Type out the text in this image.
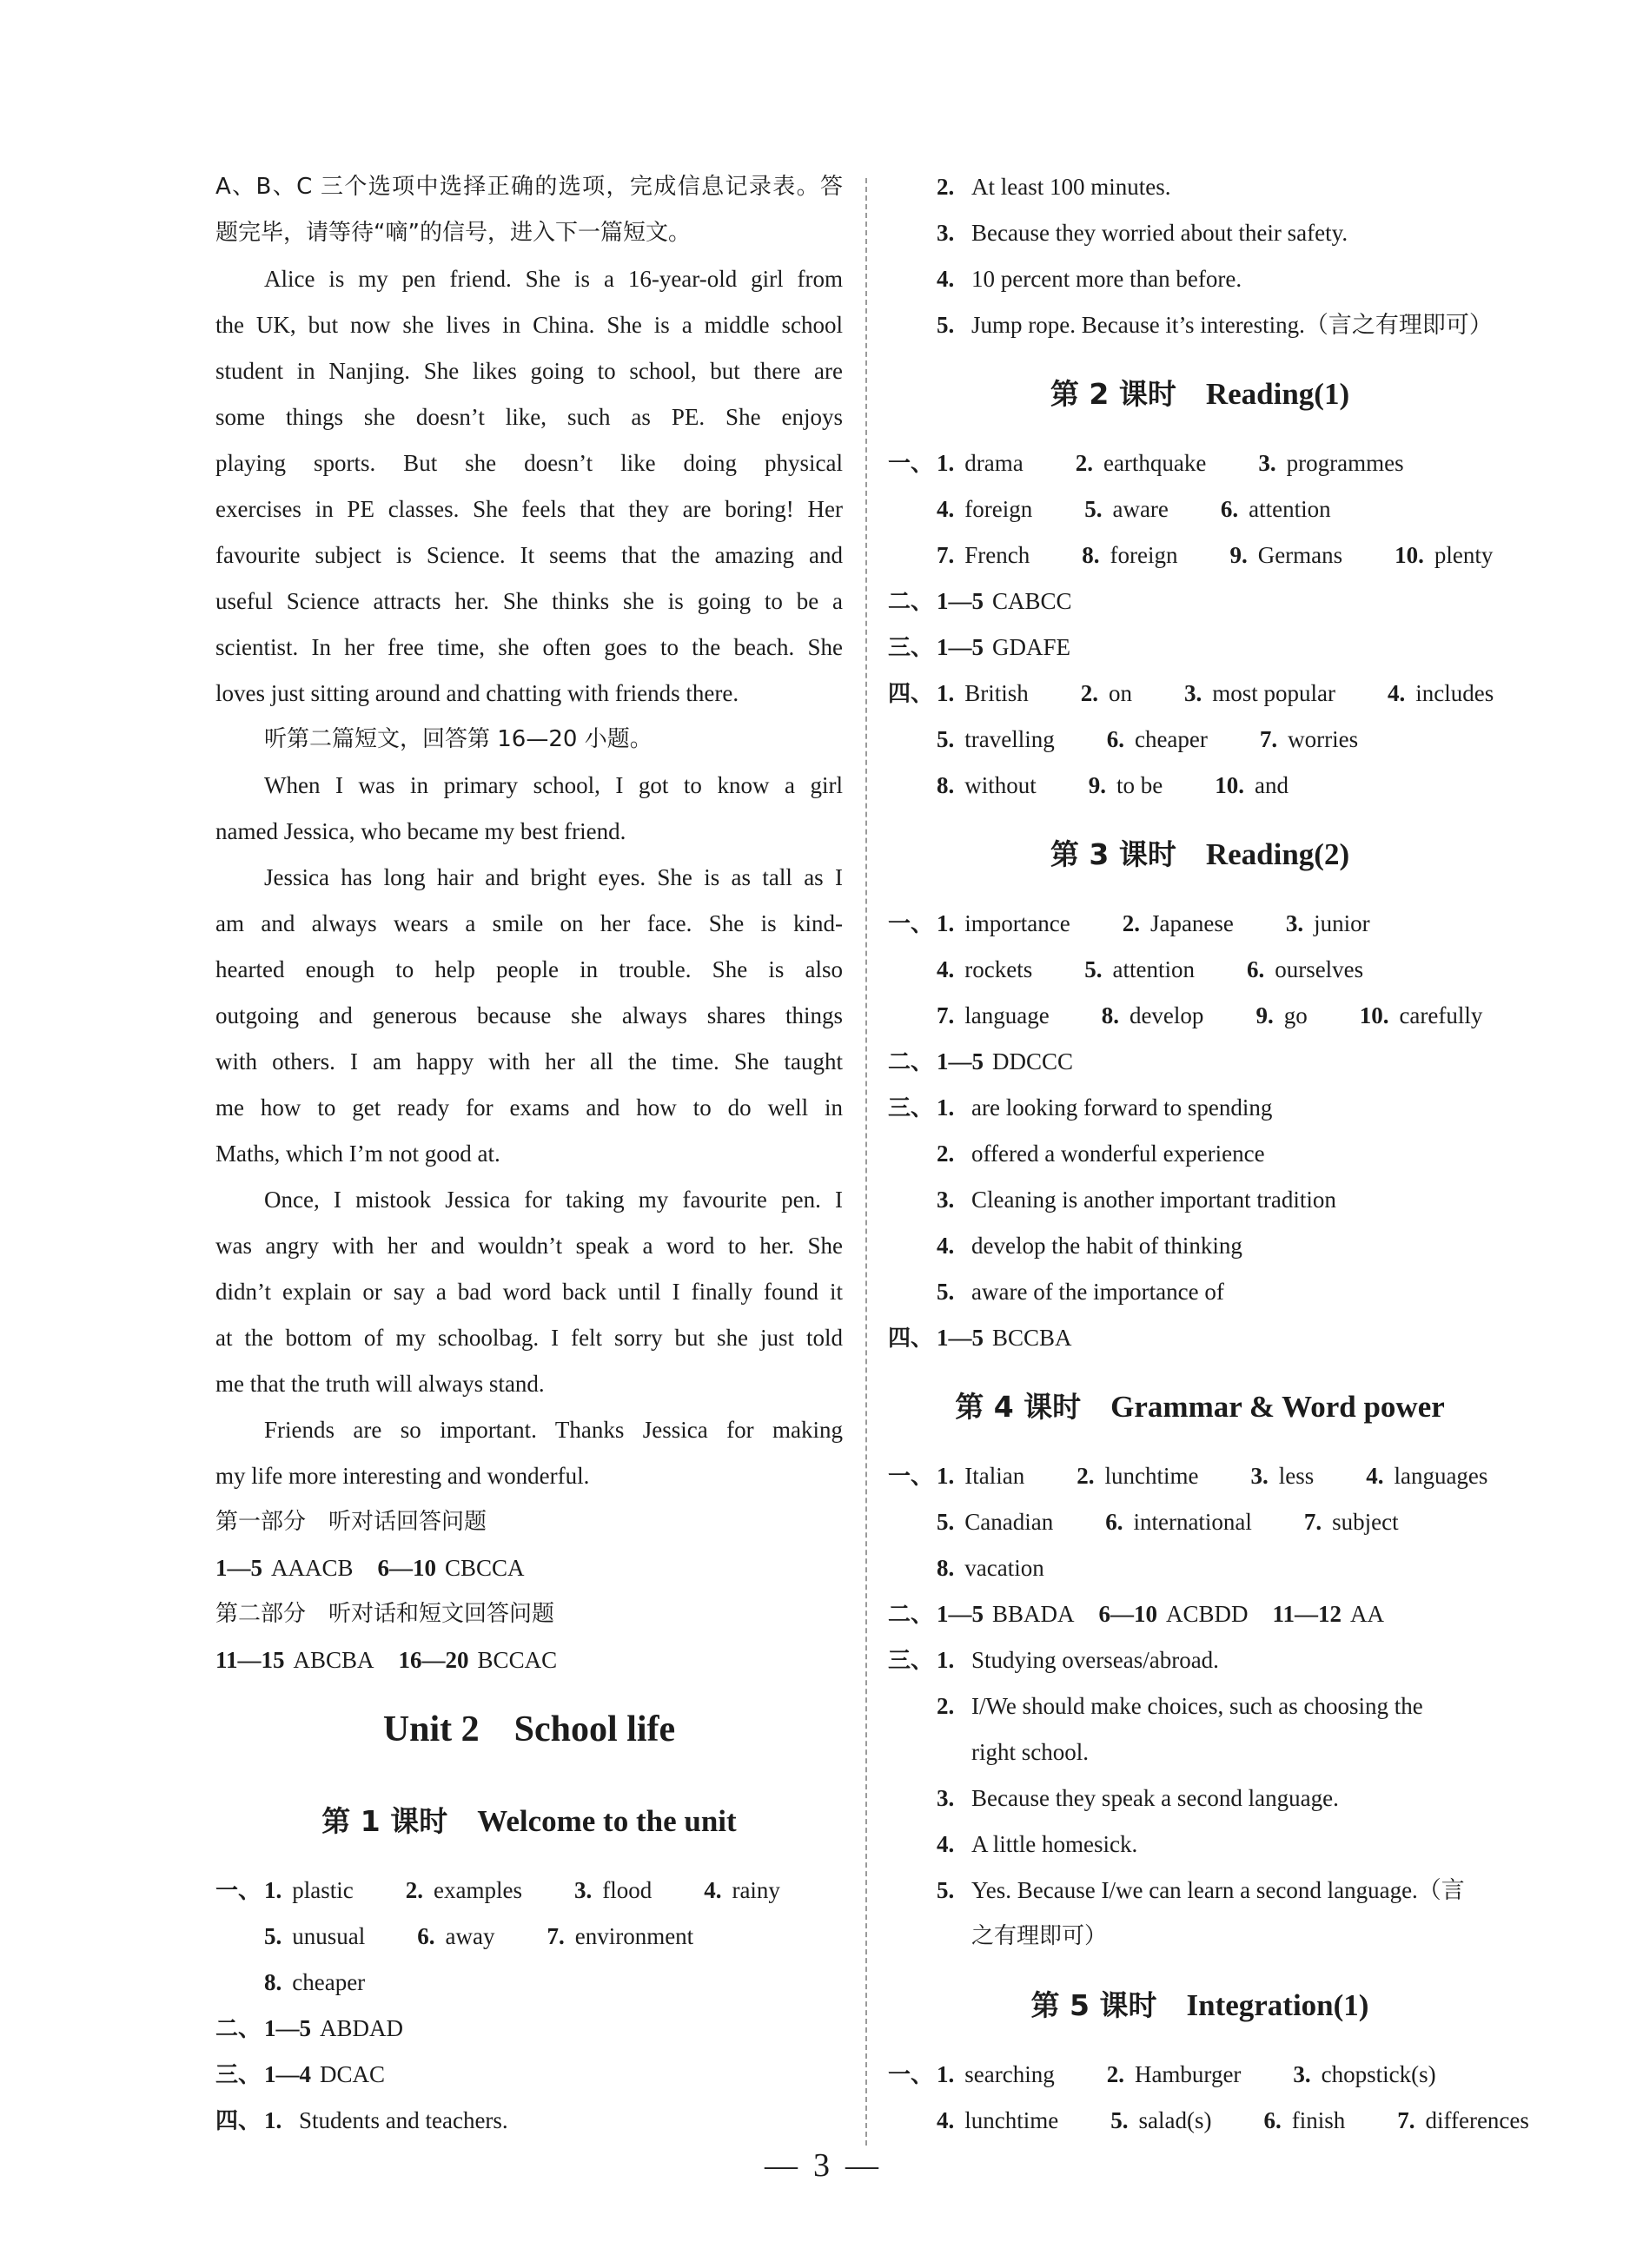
A、B、C 三个选项中选择正确的选项，完成信息记录表。答
题完毕，请等待“嘀”的信号，进入下一篇短文。
Alice is my pen friend. She is a 16-year-old girl from
the UK, but now she lives in China. She is a middle school
student in Nanjing. She likes going to school, but there are
some things she doesn’t like, such as PE. She enjoys
playing sports. But she doesn’t like doing physical
exercises in PE classes. She feels that they are boring! Her
favourite subject is Science. It seems that the amazing and
useful Science attracts her. She thinks she is going to be a
scientist. In her free time, she often goes to the beach. She
loves just sitting around and chatting with friends there.
听第二篇短文，回答第 16—20 小题。
When I was in primary school, I got to know a girl
named Jessica, who became my best friend.
Jessica has long hair and bright eyes. She is as tall as I
am and always wears a smile on her face. She is kind-
hearted enough to help people in trouble. She is also
outgoing and generous because she always shares things
with others. I am happy with her all the time. She taught
me how to get ready for exams and how to do well in
Maths, which I’m not good at.
Once, I mistook Jessica for taking my favourite pen. I
was angry with her and wouldn’t speak a word to her. She
didn’t explain or say a bad word back until I finally found it
at the bottom of my schoolbag. I felt sorry but she just told
me that the truth will always stand.
Friends are so important. Thanks Jessica for making
my life more interesting and wonderful.
第一部分　听对话回答问题
1—5 AAACB 6—10 CBCCA
第二部分　听对话和短文回答问题
11—15 ABCBA 16—20 BCCAC
Unit 2 School life
第 1 课时 Welcome to the unit
一、 1. plastic 2. examples 3. flood 4. rainy
5. unusual 6. away 7. environment
8. cheaper
二、 1—5 ABDAD
三、 1—4 DCAC
四、 1. Students and teachers.
2. At least 100 minutes.
3. Because they worried about their safety.
4. 10 percent more than before.
5. Jump rope. Because it’s interesting.（言之有理即可）
第 2 课时 Reading(1)
一、 1. drama 2. earthquake 3. programmes
4. foreign 5. aware 6. attention
7. French 8. foreign 9. Germans 10. plenty
二、 1—5 CABCC
三、 1—5 GDAFE
四、 1. British 2. on 3. most popular 4. includes
5. travelling 6. cheaper 7. worries
8. without 9. to be 10. and
第 3 课时 Reading(2)
一、 1. importance 2. Japanese 3. junior
4. rockets 5. attention 6. ourselves
7. language 8. develop 9. go 10. carefully
二、 1—5 DDCCC
三、 1. are looking forward to spending
2. offered a wonderful experience
3. Cleaning is another important tradition
4. develop the habit of thinking
5. aware of the importance of
四、 1—5 BCCBA
第 4 课时 Grammar & Word power
一、 1. Italian 2. lunchtime 3. less 4. languages
5. Canadian 6. international 7. subject
8. vacation
二、 1—5 BBADA 6—10 ACBDD 11—12 AA
三、 1. Studying overseas/abroad.
2. I/We should make choices, such as choosing the
right school.
3. Because they speak a second language.
4. A little homesick.
5. Yes. Because I/we can learn a second language.（言
之有理即可）
第 5 课时 Integration(1)
一、 1. searching 2. Hamburger 3. chopstick(s)
4. lunchtime 5. salad(s) 6. finish 7. differences
— 3 —
